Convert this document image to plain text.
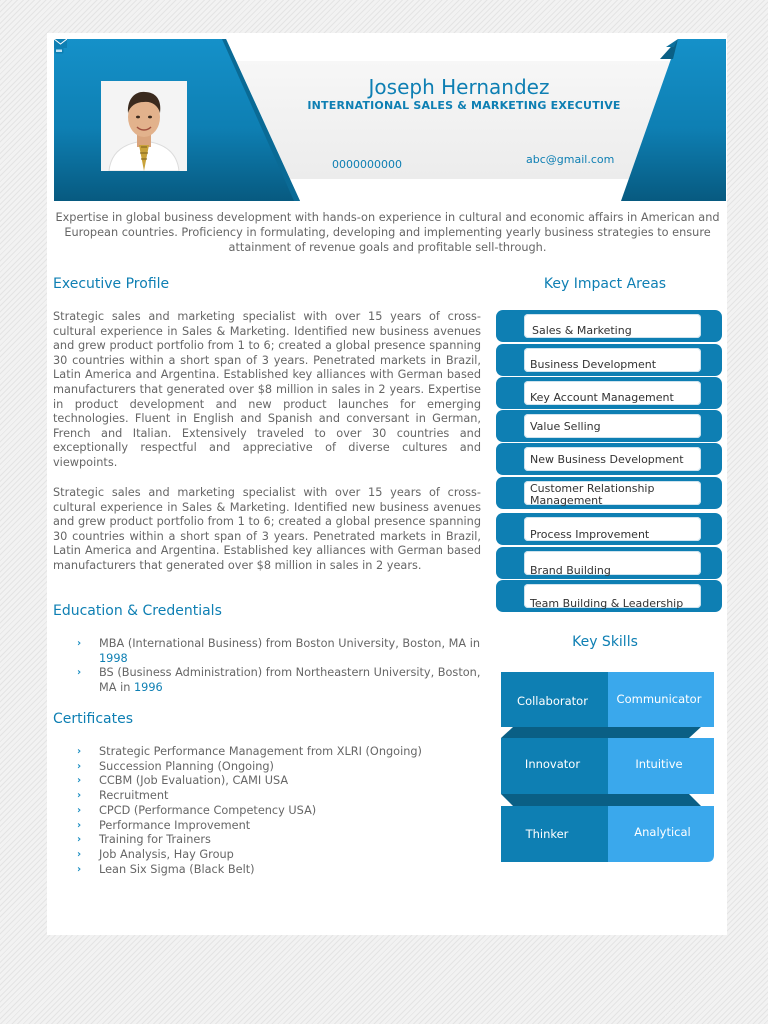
Joseph Hernandez
INTERNATIONAL SALES & MARKETING EXECUTIVE
0000000000	abc@gmail.com
Expertise in global business development with hands-on experience in cultural and economic affairs in American and European countries. Proficiency in formulating, developing and implementing yearly business strategies to ensure attainment of revenue goals and profitable sell-through.
Executive Profile

Strategic sales and marketing specialist with over 15 years of cross-cultural experience in Sales & Marketing. Identified new business avenues and grew product portfolio from 1 to 6; created a global presence spanning 30 countries within a short span of 3 years. Penetrated markets in Brazil, Latin America and Argentina. Established key alliances with German based manufacturers that generated over $8 million in sales in 2 years. Expertise in product development and new product launches for emerging technologies. Fluent in English and Spanish and conversant in German, French and Italian. Extensively traveled to over 30 countries and exceptionally respectful and appreciative of diverse cultures and viewpoints.

Strategic sales and marketing specialist with over 15 years of cross-cultural experience in Sales & Marketing. Identified new business avenues and grew product portfolio from 1 to 6; created a global presence spanning 30 countries within a short span of 3 years. Penetrated markets in Brazil, Latin America and Argentina. Established key alliances with German based manufacturers that generated over $8 million in sales in 2 years.

Education & Credentials
› MBA (International Business) from Boston University, Boston, MA in 1998
› BS (Business Administration) from Northeastern University, Boston, MA in 1996
Certificates
› Strategic Performance Management from XLRI (Ongoing)
› Succession Planning (Ongoing)
› CCBM (Job Evaluation), CAMI USA
› Recruitment
› CPCD (Performance Competency USA)
› Performance Improvement
› Training for Trainers
› Job Analysis, Hay Group
› Lean Six Sigma (Black Belt)
Key Impact Areas
Sales & Marketing
Business Development
Key Account Management
Value Selling
New Business Development
Customer Relationship Management
Process Improvement
Brand Building
Team Building & Leadership
Key Skills
Collaborator	Communicator
Innovator	Intuitive
Thinker	Analytical
